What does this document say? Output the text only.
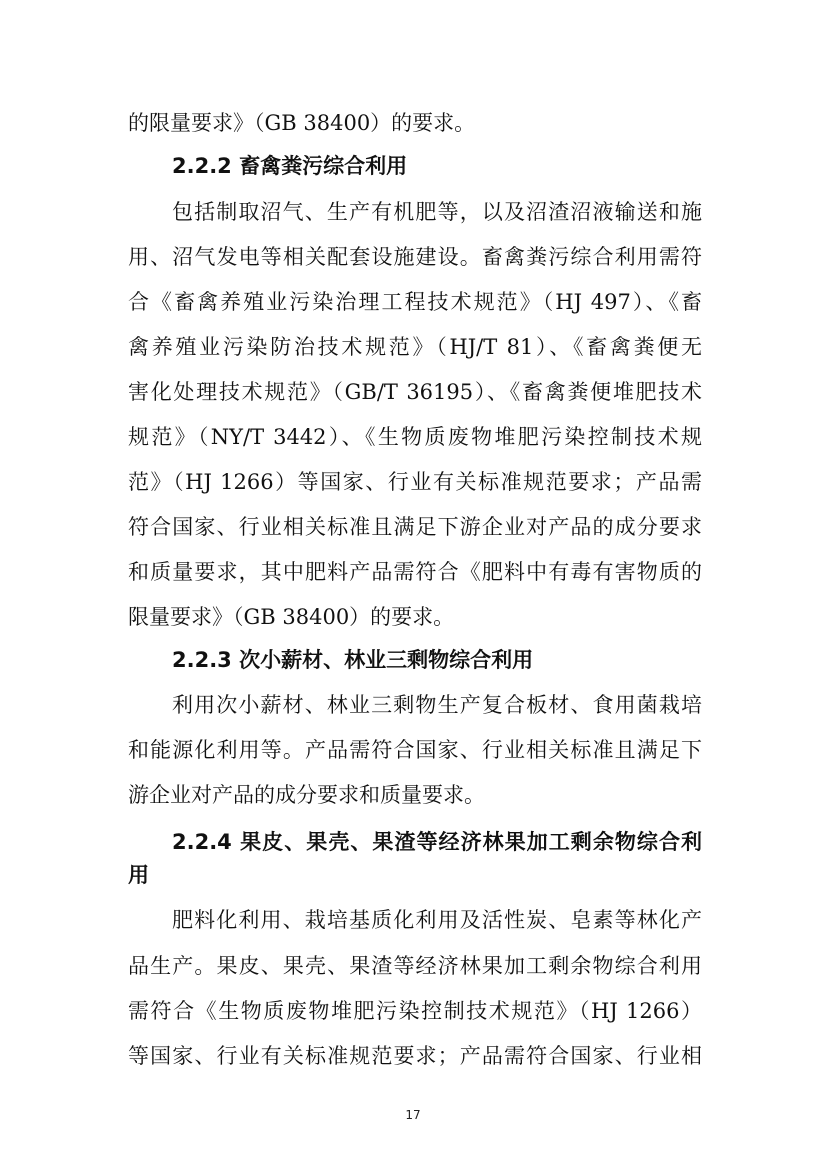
的限量要求》（GB 38400）的要求。
2.2.2 畜禽粪污综合利用
包括制取沼气、生产有机肥等，以及沼渣沼液输送和施
用、沼气发电等相关配套设施建设。畜禽粪污综合利用需符
合《畜禽养殖业污染治理工程技术规范》（HJ 497）、《畜
禽养殖业污染防治技术规范》（HJ/T 81）、《畜禽粪便无
害化处理技术规范》（GB/T 36195）、《畜禽粪便堆肥技术
规范》（NY/T 3442）、《生物质废物堆肥污染控制技术规
范》（HJ 1266）等国家、行业有关标准规范要求；产品需
符合国家、行业相关标准且满足下游企业对产品的成分要求
和质量要求，其中肥料产品需符合《肥料中有毒有害物质的
限量要求》（GB 38400）的要求。
2.2.3 次小薪材、林业三剩物综合利用
利用次小薪材、林业三剩物生产复合板材、食用菌栽培
和能源化利用等。产品需符合国家、行业相关标准且满足下
游企业对产品的成分要求和质量要求。
2.2.4 果皮、果壳、果渣等经济林果加工剩余物综合利
用
肥料化利用、栽培基质化利用及活性炭、皂素等林化产
品生产。果皮、果壳、果渣等经济林果加工剩余物综合利用
需符合《生物质废物堆肥污染控制技术规范》（HJ 1266）
等国家、行业有关标准规范要求；产品需符合国家、行业相
17
